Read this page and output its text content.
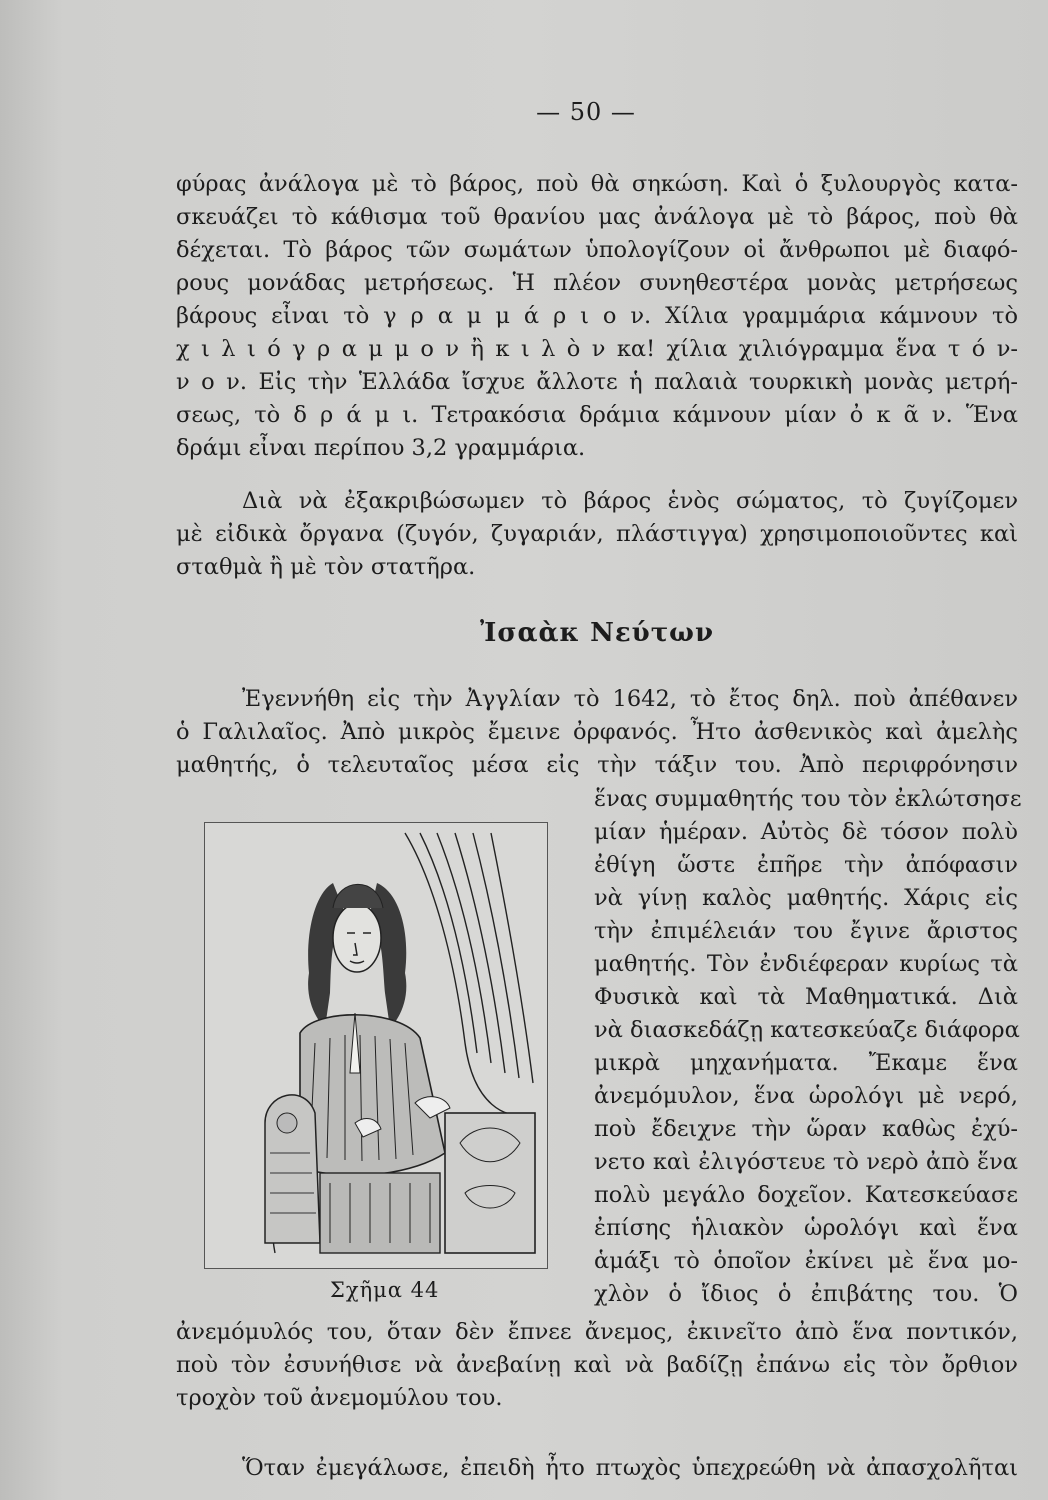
— 50 —
φύρας ἀνάλογα μὲ τὸ βάρος, ποὺ θὰ σηκώση. Καὶ ὁ ξυλουργὸς κατα-
σκευάζει τὸ κάθισμα τοῦ θρανίου μας ἀνάλογα μὲ τὸ βάρος, ποὺ θὰ
δέχεται. Τὸ βάρος τῶν σωμάτων ὑπολογίζουν οἱ ἄνθρωποι μὲ διαφό-
ρους μονάδας μετρήσεως. Ἡ πλέον συνηθεστέρα μονὰς μετρήσεως
βάρους εἶναι τὸ γ ρ α μ μ ά ρ ι ο ν. Χίλια γραμμάρια κάμνουν τὸ
χ ι λ ι ό γ ρ α μ μ ο ν ἢ κ ι λ ὸ ν κα! χίλια χιλιόγραμμα ἕνα τ ό ν-
ν ο ν. Εἰς τὴν Ἑλλάδα ἴσχυε ἄλλοτε ἡ παλαιὰ τουρκικὴ μονὰς μετρή-
σεως, τὸ δ ρ ά μ ι. Τετρακόσια δράμια κάμνουν μίαν ὀ κ ᾶ ν. Ἕνα
δράμι εἶναι περίπου 3,2 γραμμάρια.
Διὰ νὰ ἐξακριβώσωμεν τὸ βάρος ἑνὸς σώματος, τὸ ζυγίζομεν
μὲ εἰδικὰ ὄργανα (ζυγόν, ζυγαριάν, πλάστιγγα) χρησιμοποιοῦντες καὶ
σταθμὰ ἢ μὲ τὸν στατῆρα.
Ἰσαὰκ Νεύτων
Ἐγεννήθη εἰς τὴν Ἀγγλίαν τὸ 1642, τὸ ἔτος δηλ. ποὺ ἀπέθανεν
ὁ Γαλιλαῖος. Ἀπὸ μικρὸς ἔμεινε ὀρφανός. Ἦτο ἀσθενικὸς καὶ ἀμελὴς
μαθητής, ὁ τελευταῖος μέσα εἰς τὴν τάξιν του. Ἀπὸ περιφρόνησιν
ἕνας συμμαθητής του τὸν ἐκλώτσησε
μίαν ἡμέραν. Αὐτὸς δὲ τόσον πολὺ
ἐθίγη ὥστε ἐπῆρε τὴν ἀπόφασιν
νὰ γίνῃ καλὸς μαθητής. Χάρις εἰς
τὴν ἐπιμέλειάν του ἔγινε ἄριστος
μαθητής. Τὸν ἐνδιέφεραν κυρίως τὰ
Φυσικὰ καὶ τὰ Μαθηματικά. Διὰ
νὰ διασκεδάζῃ κατεσκεύαζε διάφορα
μικρὰ μηχανήματα. Ἔκαμε ἕνα
ἀνεμόμυλον, ἕνα ὡρολόγι μὲ νερό,
ποὺ ἔδειχνε τὴν ὥραν καθὼς ἐχύ-
νετο καὶ ἐλιγόστευε τὸ νερὸ ἀπὸ ἕνα
πολὺ μεγάλο δοχεῖον. Κατεσκεύασε
ἐπίσης ἡλιακὸν ὡρολόγι καὶ ἕνα
ἁμάξι τὸ ὁποῖον ἐκίνει μὲ ἕνα μο-
χλὸν ὁ ἴδιος ὁ ἐπιβάτης του. Ὁ
Σχῆμα 44
ἀνεμόμυλός του, ὅταν δὲν ἔπνεε ἄνεμος, ἐκινεῖτο ἀπὸ ἕνα ποντικόν,
ποὺ τὸν ἐσυνήθισε νὰ ἀνεβαίνῃ καὶ νὰ βαδίζῃ ἐπάνω εἰς τὸν ὄρθιον
τροχὸν τοῦ ἀνεμομύλου του.
Ὅταν ἐμεγάλωσε, ἐπειδὴ ἦτο πτωχὸς ὑπεχρεώθη νὰ ἀπασχολῆται
